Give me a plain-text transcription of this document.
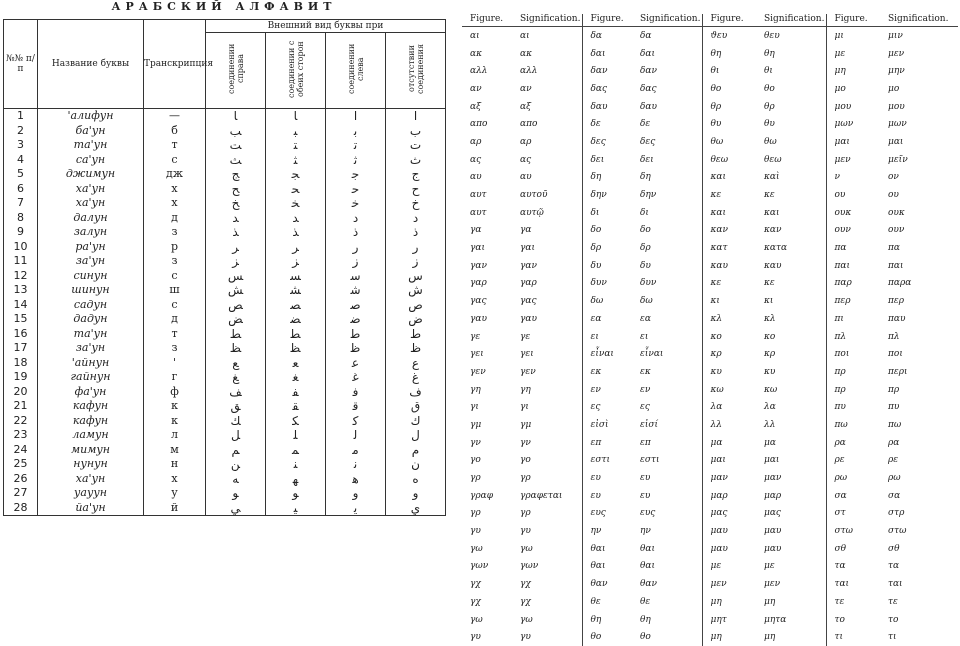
АРАБСКИЙ АЛФАВИТ
№№ п/п	Название буквы	Транскрипция	Внешний вид буквы при			
			соединении справа	соединении с обеих сторон	соединении слева	отсутствии соединения
1	'алифун	—	ﺎ	ﺎ	ا	ا
2	ба'ун	б	ﺐ	ﺒ	ﺑ	ب
3	та'ун	т	ﺖ	ﺘ	ﺗ	ت
4	са'ун	с	ﺚ	ﺜ	ﺛ	ث
5	джимун	дж	ﺞ	ﺠ	ﺟ	ج
6	ха'ун	х	ﺢ	ﺤ	ﺣ	ح
7	ха'ун	х	ﺦ	ﺨ	ﺧ	خ
8	далун	д	ﺪ	ﺪ	د	د
9	залун	з	ﺬ	ﺬ	ذ	ذ
10	ра'ун	р	ﺮ	ﺮ	ر	ر
11	за'ун	з	ﺰ	ﺰ	ز	ز
12	синун	с	ﺲ	ﺴ	ﺳ	س
13	шинун	ш	ﺶ	ﺸ	ﺷ	ش
14	садун	с	ﺺ	ﺼ	ﺻ	ص
15	дадун	д	ﺾ	ﻀ	ﺿ	ض
16	та'ун	т	ﻂ	ﻄ	ﻃ	ط
17	за'ун	з	ﻆ	ﻈ	ﻇ	ظ
18	'айнун	'	ﻊ	ﻌ	ﻋ	ع
19	гайнун	г	ﻎ	ﻐ	ﻏ	غ
20	фа'ун	ф	ﻒ	ﻔ	ﻓ	ف
21	кафун	к	ﻖ	ﻘ	ﻗ	ق
22	кафун	к	ﻚ	ﻜ	ﻛ	ك
23	ламун	л	ﻞ	ﻠ	ﻟ	ل
24	мимун	м	ﻢ	ﻤ	ﻣ	م
25	нунун	н	ﻦ	ﻨ	ﻧ	ن
26	ха'ун	х	ﻪ	ﻬ	ﻫ	ه
27	уауун	у	ﻮ	ﻮ	و	و
28	йа'ун	й	ﻲ	ﻴ	ﻳ	ي
Figure.	Signification.	Figure.	Signification.	Figure.	Signification.	Figure.	Signification.
αι	αι	δα	δα	ϑευ	θευ	μι	μιν
ακ	ακ	δαι	δαι	θη	θη	με	μεν
αλλ	αλλ	δαν	δαν	θι	θι	μη	μην
αν	αν	δας	δας	θο	θο	μο	μο
αξ	αξ	δαυ	δαυ	θρ	θρ	μου	μου
απο	απο	δε	δε	θυ	θυ	μων	μων
αρ	αρ	δες	δες	θω	θω	μαι	μαι
ας	ας	δει	δει	θεω	θεω	μεν	μεῖν
αυ	αυ	δη	δη	και	καὶ	ν	ον
αυτ	αυτοῦ	δην	δην	κε	κε	ου	ου
αυτ	αυτῷ	δι	δι	και	και	ουκ	ουκ
γα	γα	δο	δο	καν	καν	ουν	ουν
γαι	γαι	δρ	δρ	κατ	κατα	πα	πα
γαν	γαν	δυ	δυ	καυ	καυ	παι	παι
γαρ	γαρ	δυν	δυν	κε	κε	παρ	παρα
γας	γας	δω	δω	κι	κι	περ	περ
γαυ	γαυ	εα	εα	κλ	κλ	πι	παυ
γε	γε	ει	ει	κο	κο	πλ	πλ
γει	γει	εἶναι	εἶναι	κρ	κρ	ποι	ποι
γεν	γεν	εκ	εκ	κυ	κυ	πρ	περι
γη	γη	εν	εν	κω	κω	πρ	πρ
γι	γι	ες	ες	λα	λα	πυ	πυ
γμ	γμ	εἰσὶ	εἰσί	λλ	λλ	πω	πω
γν	γν	επ	επ	μα	μα	ρα	ρα
γο	γο	εστι	εστι	μαι	μαι	ρε	ρε
γρ	γρ	ευ	ευ	μαν	μαν	ρω	ρω
γραφ	γραφεται	ευ	ευ	μαρ	μαρ	σα	σα
γρ	γρ	ευς	ευς	μας	μας	στ	στρ
γυ	γυ	ην	ην	μαυ	μαυ	στω	στω
γω	γω	θαι	θαι	μαυ	μαυ	σθ	σθ
γων	γων	θαι	θαι	με	με	τα	τα
γχ	γχ	θαν	θαν	μεν	μεν	ται	ται
γχ	γχ	θε	θε	μη	μη	τε	τε
γω	γω	θη	θη	μητ	μητα	το	το
γυ	γυ	θο	θο	μη	μη	τι	τι
